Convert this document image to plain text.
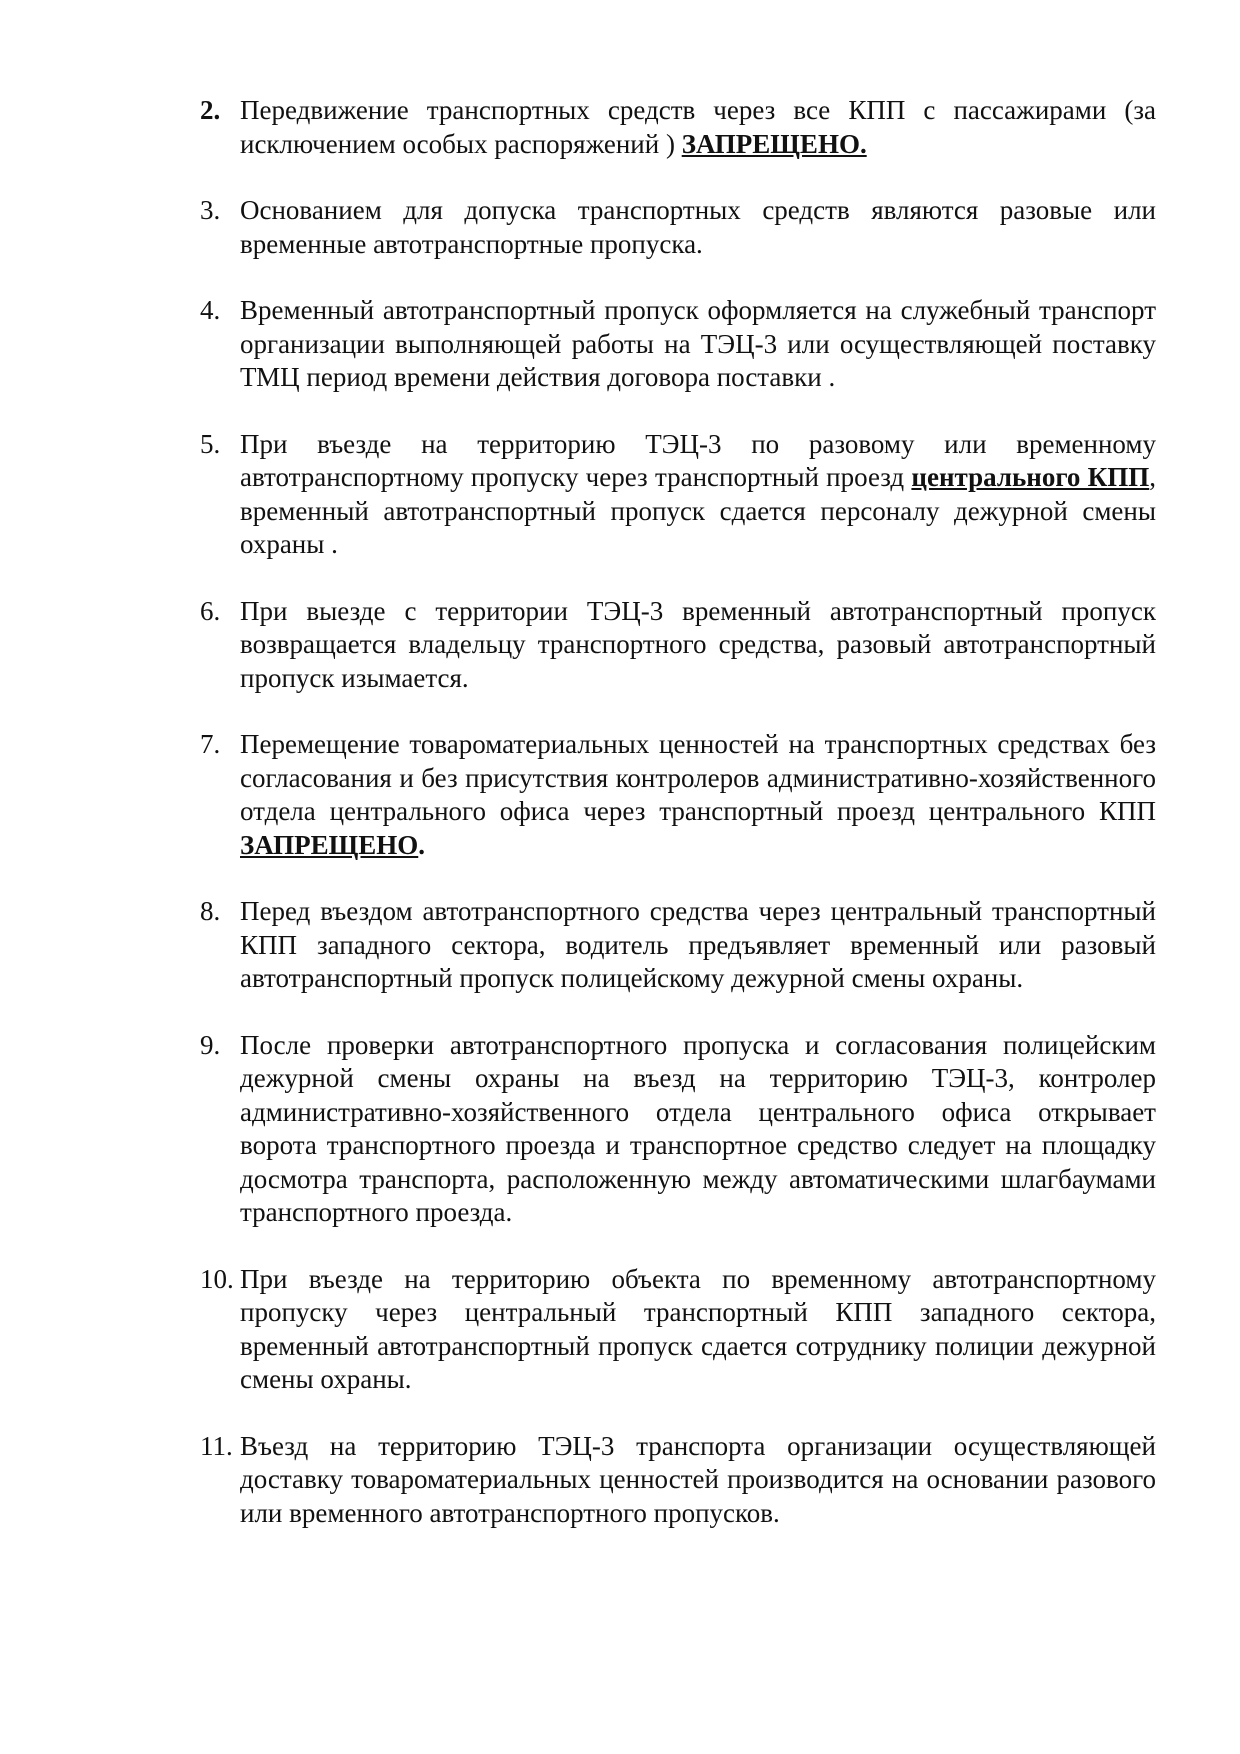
2. Передвижение транспортных средств через все КПП с пассажирами (за исключением особых распоряжений ) ЗАПРЕЩЕНО.
3. Основанием для допуска транспортных средств являются разовые или временные автотранспортные пропуска.
4. Временный автотранспортный пропуск оформляется на служебный транспорт организации выполняющей работы на ТЭЦ-3 или осуществляющей поставку ТМЦ период времени действия договора поставки .
5. При въезде на территорию ТЭЦ-3 по разовому или временному автотранспортному пропуску через транспортный проезд центрального КПП, временный автотранспортный пропуск сдается персоналу дежурной смены охраны .
6. При выезде с территории ТЭЦ-3 временный автотранспортный пропуск возвращается владельцу транспортного средства, разовый автотранспортный пропуск изымается.
7. Перемещение товароматериальных ценностей на транспортных средствах без согласования и без присутствия контролеров административно-хозяйственного отдела центрального офиса через транспортный проезд центрального КПП ЗАПРЕЩЕНО.
8. Перед въездом автотранспортного средства через центральный транспортный КПП западного сектора, водитель предъявляет временный или разовый автотранспортный пропуск полицейскому дежурной смены охраны.
9. После проверки автотранспортного пропуска и согласования полицейским дежурной смены охраны на въезд на территорию ТЭЦ-3, контролер административно-хозяйственного отдела центрального офиса открывает ворота транспортного проезда и транспортное средство следует на площадку досмотра транспорта, расположенную между автоматическими шлагбаумами транспортного проезда.
10. При въезде на территорию объекта по временному автотранспортному пропуску через центральный транспортный КПП западного сектора, временный автотранспортный пропуск сдается сотруднику полиции дежурной смены охраны.
11. Въезд на территорию ТЭЦ-3 транспорта организации осуществляющей доставку товароматериальных ценностей производится на основании разового или временного автотранспортного пропусков.
